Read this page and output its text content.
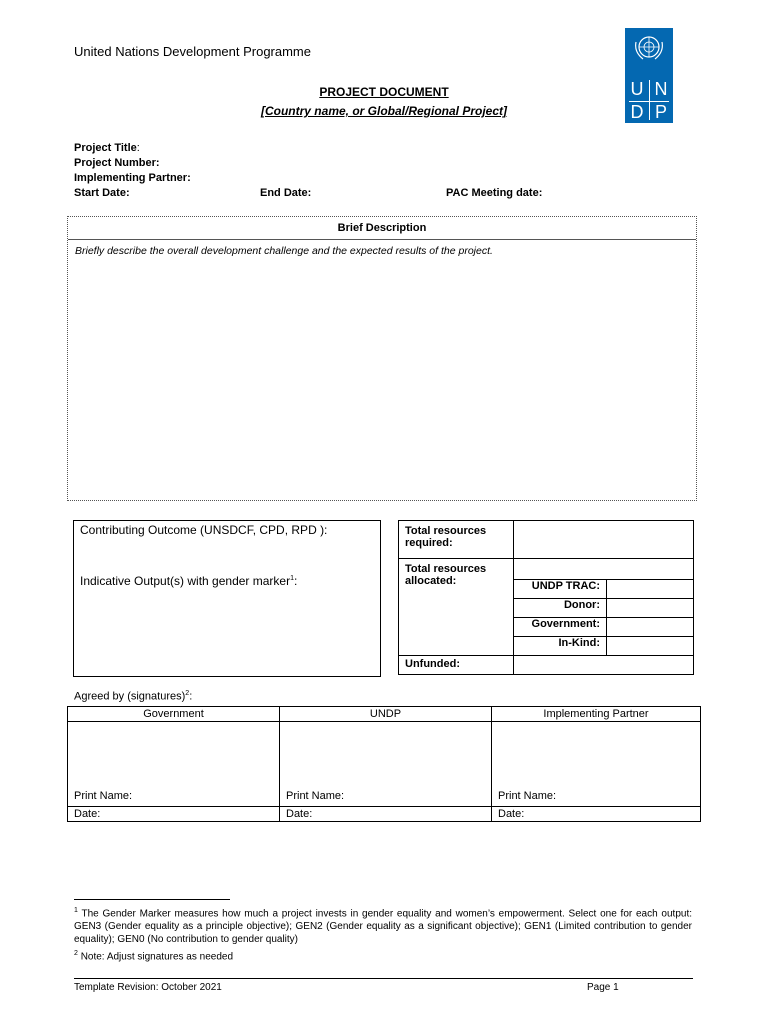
United Nations Development Programme
U N
D P
PROJECT DOCUMENT
[Country name, or Global/Regional Project]
Project Title:
Project Number:
Implementing Partner:
Start Date:	End Date:	PAC Meeting date:
Brief Description
Briefly describe the overall development challenge and the expected results of the project.
Contributing Outcome (UNSDCF, CPD, RPD ):
Indicative Output(s) with gender marker$^1$:
Total resources required:		
Total resources allocated:		
	UNDP TRAC:	
	Donor:	
	Government:	
	In-Kind:	
Unfunded:		
Agreed by (signatures)$^2$:
Government	UNDP	Implementing Partner
Print Name:	Print Name:	Print Name:
Date:	Date:	Date:
$^1$ The Gender Marker measures how much a project invests in gender equality and women’s empowerment. Select one for each output: GEN3 (Gender equality as a principle objective); GEN2 (Gender equality as a significant objective); GEN1 (Limited contribution to gender equality); GEN0 (No contribution to gender quality)
$^2$ Note: Adjust signatures as needed
Template Revision: October 2021	Page 1
